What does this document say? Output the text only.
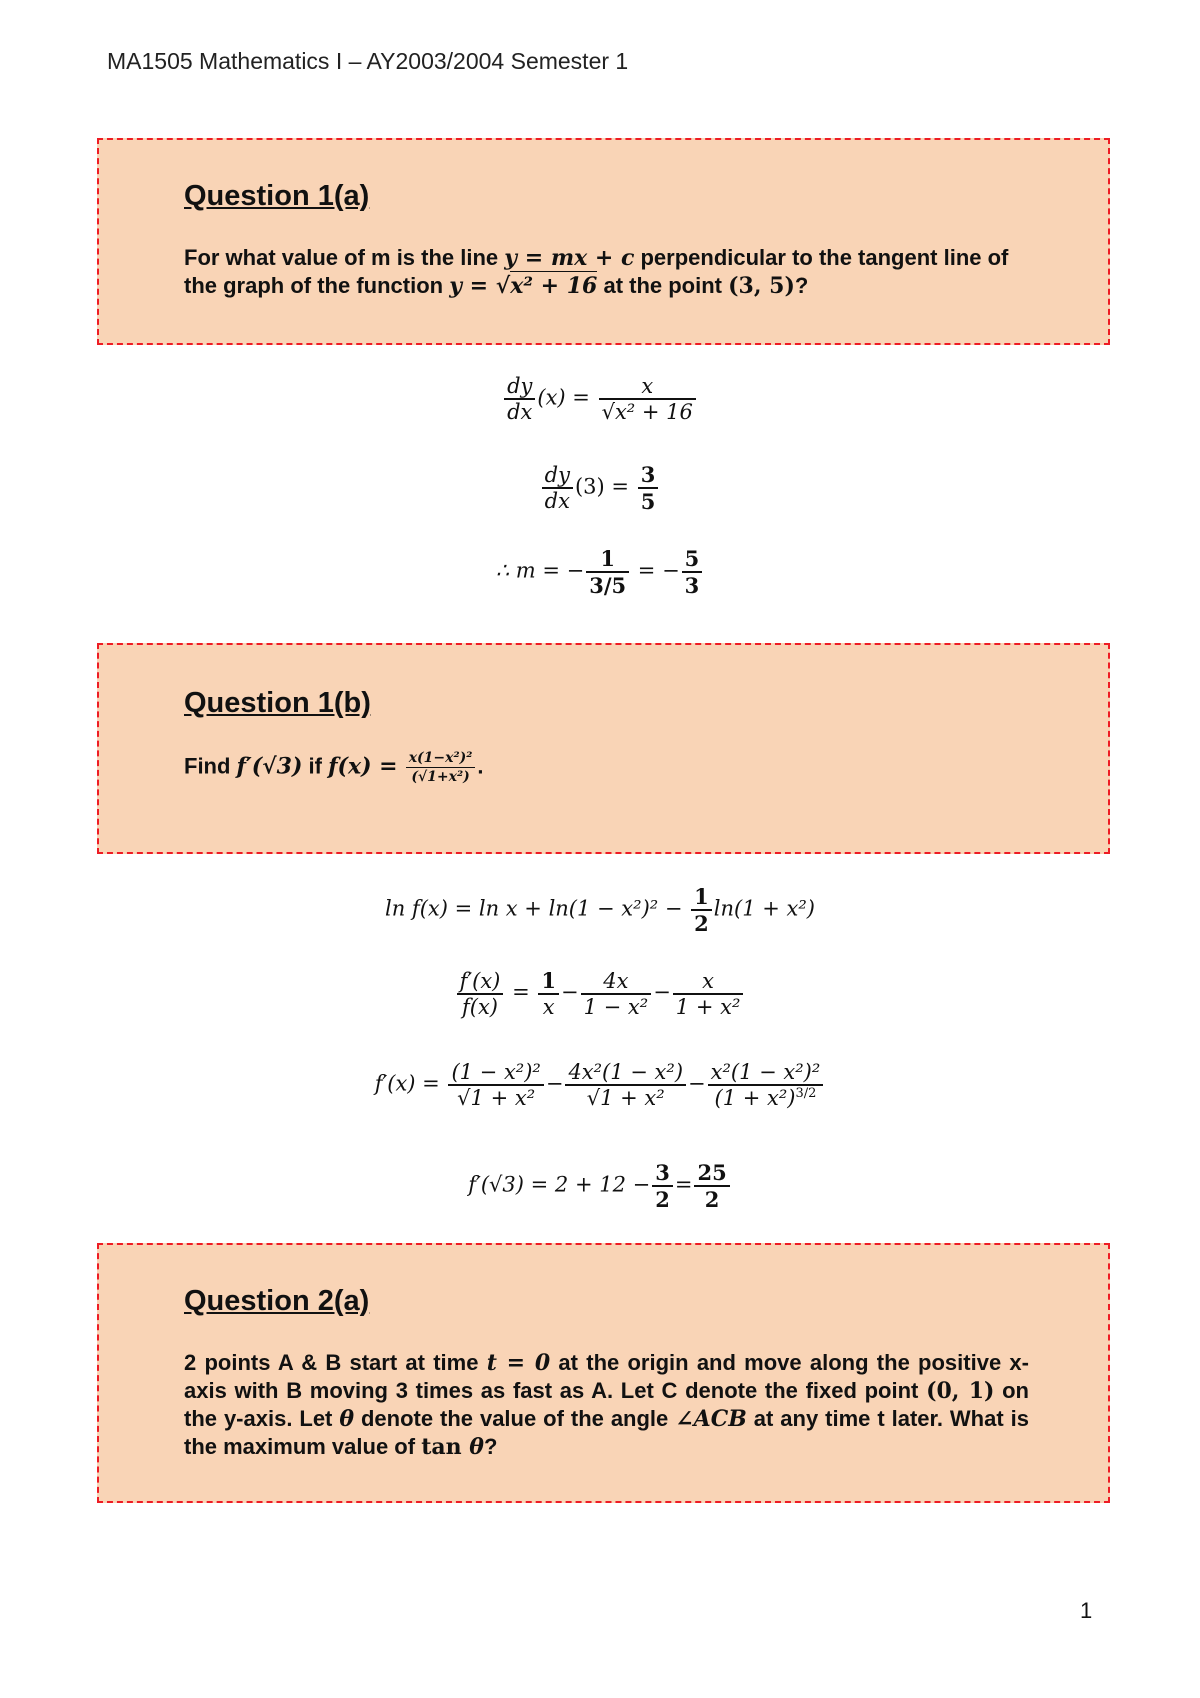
MA1505 Mathematics I – AY2003/2004 Semester 1
Question 1(a)
For what value of m is the line y = mx + c perpendicular to the tangent line of the graph of the function y = √x² + 16 at the point (3, 5)?
$\frac{dy}{dx} (x) = \frac{x}{\text{√x² + 16}}$
$\frac{dy}{dx} (3) = \frac{3}{5}$
∴ m = − $\frac{1}{3/5}$ = − $\frac{5}{3}$
Question 1(b)
Find f′(√3) if $f(x) = \frac{\text{x(1−x²)²}}{\text{(√1+x²)}}$ .
$\ln f(x) = \ln x + \ln(1 - x^2)^2 - \frac{1}{2} \ln(1 + x^2)$
$\frac{f'(x)}{f(x)} = \frac{1}{x} - \frac{4x}{\text{1 − x²}} - \frac{x}{\text{1 + x²}}$
$f'(x) = \frac{\text{(1 − x²)²}}{\text{√1 + x²}} - \frac{\text{4x²(1 − x²)}}{\text{√1 + x²}} - \frac{\text{x²(1 − x²)²}}{(1 + x^2)^{3/2}}$
$f'(√3) = 2 + 12 - \frac{3}{2} = \frac{25}{2}$
Question 2(a)
2 points A & B start at time t = 0 at the origin and move along the positive x-axis with B moving 3 times as fast as A. Let C denote the fixed point (0, 1) on the y-axis. Let θ denote the value of the angle ∠ACB at any time t later. What is the maximum value of tan θ?
1
